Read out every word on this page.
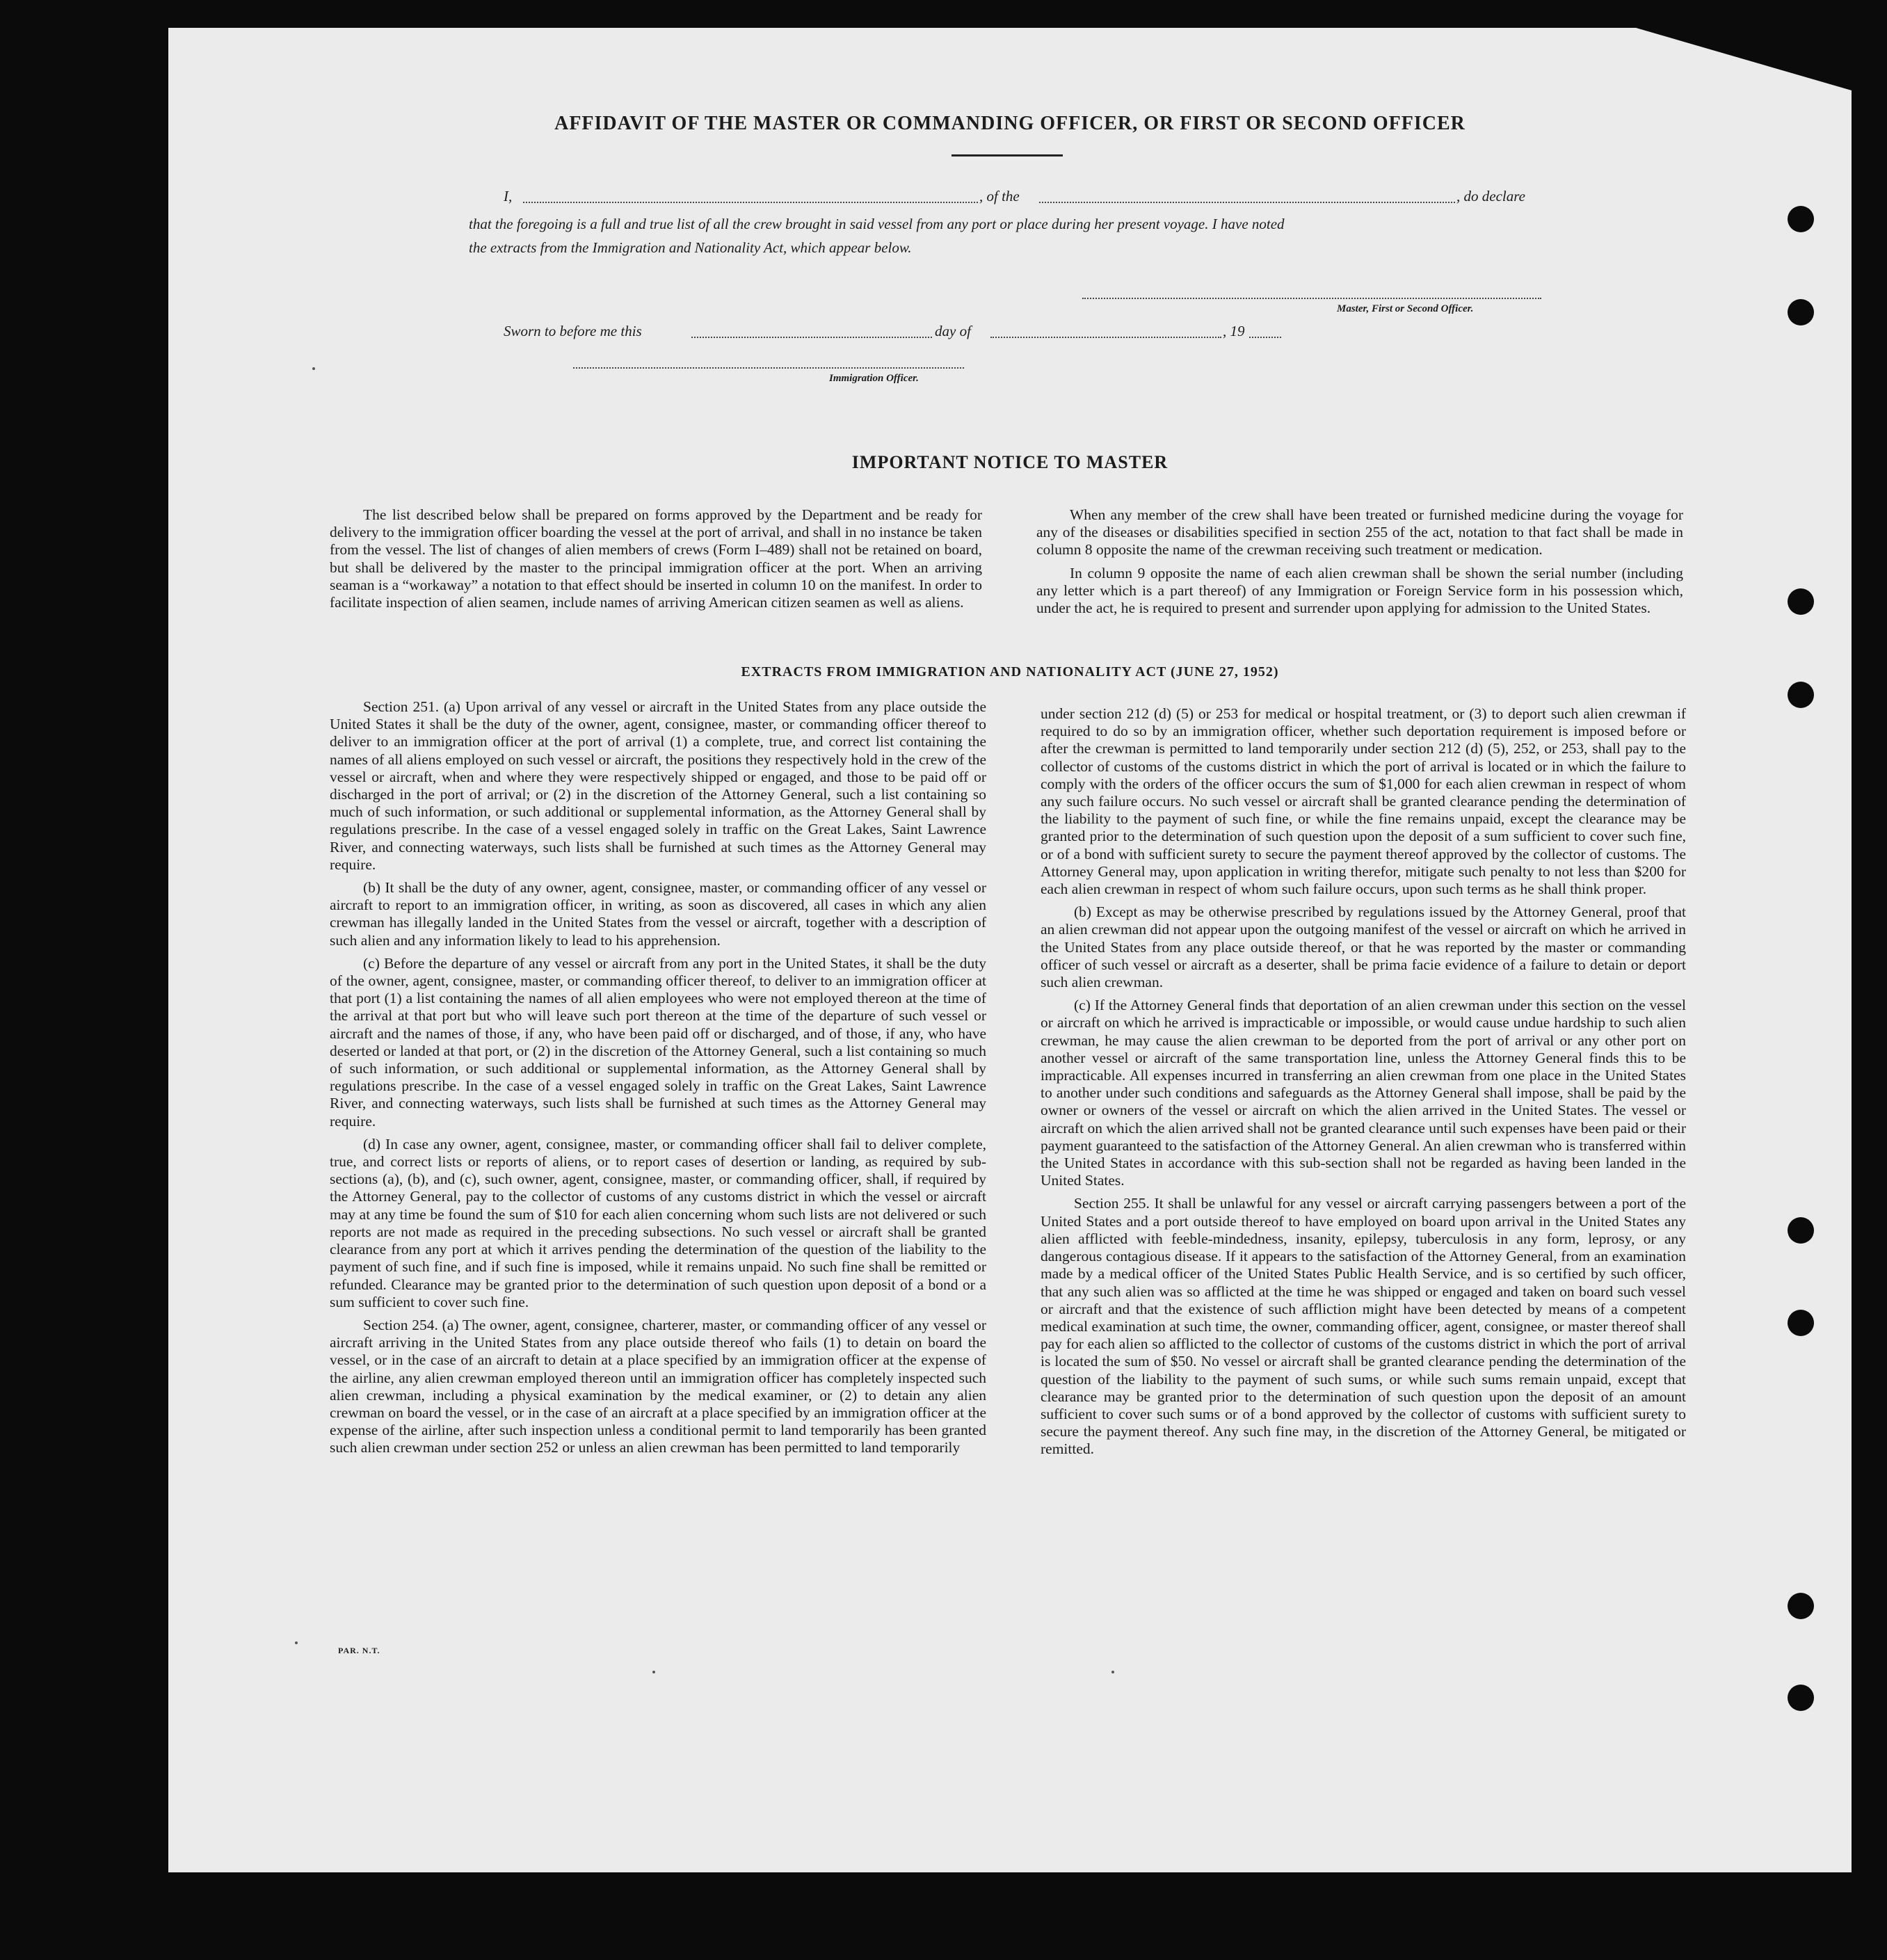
AFFIDAVIT OF THE MASTER OR COMMANDING OFFICER, OR FIRST OR SECOND OFFICER
I,	, of the	, do declare
that the foregoing is a full and true list of all the crew brought in said vessel from any port or place during her present voyage. I have noted
the extracts from the Immigration and Nationality Act, which appear below.
Master, First or Second Officer.
Sworn to before me this	day of	, 19
Immigration Officer.
IMPORTANT NOTICE TO MASTER

The list described below shall be prepared on forms approved by the Department and be ready for delivery to the immigration officer boarding the vessel at the port of arrival, and shall in no instance be taken from the vessel. The list of changes of alien members of crews (Form I–489) shall not be retained on board, but shall be delivered by the master to the principal immigration officer at the port. When an arriving seaman is a “workaway” a notation to that effect should be inserted in column 10 on the manifest. In order to facilitate inspection of alien seamen, include names of arriving American citizen seamen as well as aliens.

When any member of the crew shall have been treated or furnished medicine during the voyage for any of the diseases or disabilities specified in section 255 of the act, notation to that fact shall be made in column 8 opposite the name of the crewman receiving such treatment or medication.

In column 9 opposite the name of each alien crewman shall be shown the serial number (including any letter which is a part thereof) of any Immigration or Foreign Service form in his possession which, under the act, he is required to present and surrender upon applying for admission to the United States.

EXTRACTS FROM IMMIGRATION AND NATIONALITY ACT (JUNE 27, 1952)

Section 251. (a) Upon arrival of any vessel or aircraft in the United States from any place outside the United States it shall be the duty of the owner, agent, consignee, master, or commanding officer thereof to deliver to an immigration officer at the port of arrival (1) a complete, true, and correct list containing the names of all aliens employed on such vessel or aircraft, the positions they respectively hold in the crew of the vessel or aircraft, when and where they were respectively shipped or engaged, and those to be paid off or discharged in the port of arrival; or (2) in the discretion of the Attorney General, such a list containing so much of such information, or such additional or supplemental information, as the Attorney General shall by regulations prescribe. In the case of a vessel engaged solely in traffic on the Great Lakes, Saint Lawrence River, and connecting waterways, such lists shall be furnished at such times as the Attorney General may require.

(b) It shall be the duty of any owner, agent, consignee, master, or commanding officer of any vessel or aircraft to report to an immigration officer, in writing, as soon as discovered, all cases in which any alien crewman has illegally landed in the United States from the vessel or aircraft, together with a description of such alien and any information likely to lead to his apprehension.

(c) Before the departure of any vessel or aircraft from any port in the United States, it shall be the duty of the owner, agent, consignee, master, or commanding officer thereof, to deliver to an immigration officer at that port (1) a list containing the names of all alien employees who were not employed thereon at the time of the arrival at that port but who will leave such port thereon at the time of the departure of such vessel or aircraft and the names of those, if any, who have been paid off or discharged, and of those, if any, who have deserted or landed at that port, or (2) in the discretion of the Attorney General, such a list containing so much of such information, or such additional or supplemental information, as the Attorney General shall by regulations prescribe. In the case of a vessel engaged solely in traffic on the Great Lakes, Saint Lawrence River, and connecting waterways, such lists shall be furnished at such times as the Attorney General may require.

(d) In case any owner, agent, consignee, master, or commanding officer shall fail to deliver complete, true, and correct lists or reports of aliens, or to report cases of desertion or landing, as required by sub-sections (a), (b), and (c), such owner, agent, consignee, master, or commanding officer, shall, if required by the Attorney General, pay to the collector of customs of any customs district in which the vessel or aircraft may at any time be found the sum of $10 for each alien concerning whom such lists are not delivered or such reports are not made as required in the preceding subsections. No such vessel or aircraft shall be granted clearance from any port at which it arrives pending the determination of the question of the liability to the payment of such fine, and if such fine is imposed, while it remains unpaid. No such fine shall be remitted or refunded. Clearance may be granted prior to the determination of such question upon deposit of a bond or a sum sufficient to cover such fine.

Section 254. (a) The owner, agent, consignee, charterer, master, or commanding officer of any vessel or aircraft arriving in the United States from any place outside thereof who fails (1) to detain on board the vessel, or in the case of an aircraft to detain at a place specified by an immigration officer at the expense of the airline, any alien crewman employed thereon until an immigration officer has completely inspected such alien crewman, including a physical examination by the medical examiner, or (2) to detain any alien crewman on board the vessel, or in the case of an aircraft at a place specified by an immigration officer at the expense of the airline, after such inspection unless a conditional permit to land temporarily has been granted such alien crewman under section 252 or unless an alien crewman has been permitted to land temporarily

under section 212 (d) (5) or 253 for medical or hospital treatment, or (3) to deport such alien crewman if required to do so by an immigration officer, whether such deportation requirement is imposed before or after the crewman is permitted to land temporarily under section 212 (d) (5), 252, or 253, shall pay to the collector of customs of the customs district in which the port of arrival is located or in which the failure to comply with the orders of the officer occurs the sum of $1,000 for each alien crewman in respect of whom any such failure occurs. No such vessel or aircraft shall be granted clearance pending the determination of the liability to the payment of such fine, or while the fine remains unpaid, except the clearance may be granted prior to the determination of such question upon the deposit of a sum sufficient to cover such fine, or of a bond with sufficient surety to secure the payment thereof approved by the collector of customs. The Attorney General may, upon application in writing therefor, mitigate such penalty to not less than $200 for each alien crewman in respect of whom such failure occurs, upon such terms as he shall think proper.

(b) Except as may be otherwise prescribed by regulations issued by the Attorney General, proof that an alien crewman did not appear upon the outgoing manifest of the vessel or aircraft on which he arrived in the United States from any place outside thereof, or that he was reported by the master or commanding officer of such vessel or aircraft as a deserter, shall be prima facie evidence of a failure to detain or deport such alien crewman.

(c) If the Attorney General finds that deportation of an alien crewman under this section on the vessel or aircraft on which he arrived is impracticable or impossible, or would cause undue hardship to such alien crewman, he may cause the alien crewman to be deported from the port of arrival or any other port on another vessel or aircraft of the same transportation line, unless the Attorney General finds this to be impracticable. All expenses incurred in transferring an alien crewman from one place in the United States to another under such conditions and safeguards as the Attorney General shall impose, shall be paid by the owner or owners of the vessel or aircraft on which the alien arrived in the United States. The vessel or aircraft on which the alien arrived shall not be granted clearance until such expenses have been paid or their payment guaranteed to the satisfaction of the Attorney General. An alien crewman who is transferred within the United States in accordance with this sub-section shall not be regarded as having been landed in the United States.

Section 255. It shall be unlawful for any vessel or aircraft carrying passengers between a port of the United States and a port outside thereof to have employed on board upon arrival in the United States any alien afflicted with feeble-mindedness, insanity, epilepsy, tuberculosis in any form, leprosy, or any dangerous contagious disease. If it appears to the satisfaction of the Attorney General, from an examination made by a medical officer of the United States Public Health Service, and is so certified by such officer, that any such alien was so afflicted at the time he was shipped or engaged and taken on board such vessel or aircraft and that the existence of such affliction might have been detected by means of a competent medical examination at such time, the owner, commanding officer, agent, consignee, or master thereof shall pay for each alien so afflicted to the collector of customs of the customs district in which the port of arrival is located the sum of $50. No vessel or aircraft shall be granted clearance pending the determination of the question of the liability to the payment of such sums, or while such sums remain unpaid, except that clearance may be granted prior to the determination of such question upon the deposit of an amount sufficient to cover such sums or of a bond approved by the collector of customs with sufficient surety to secure the payment thereof. Any such fine may, in the discretion of the Attorney General, be mitigated or remitted.

PAR. N.T.
